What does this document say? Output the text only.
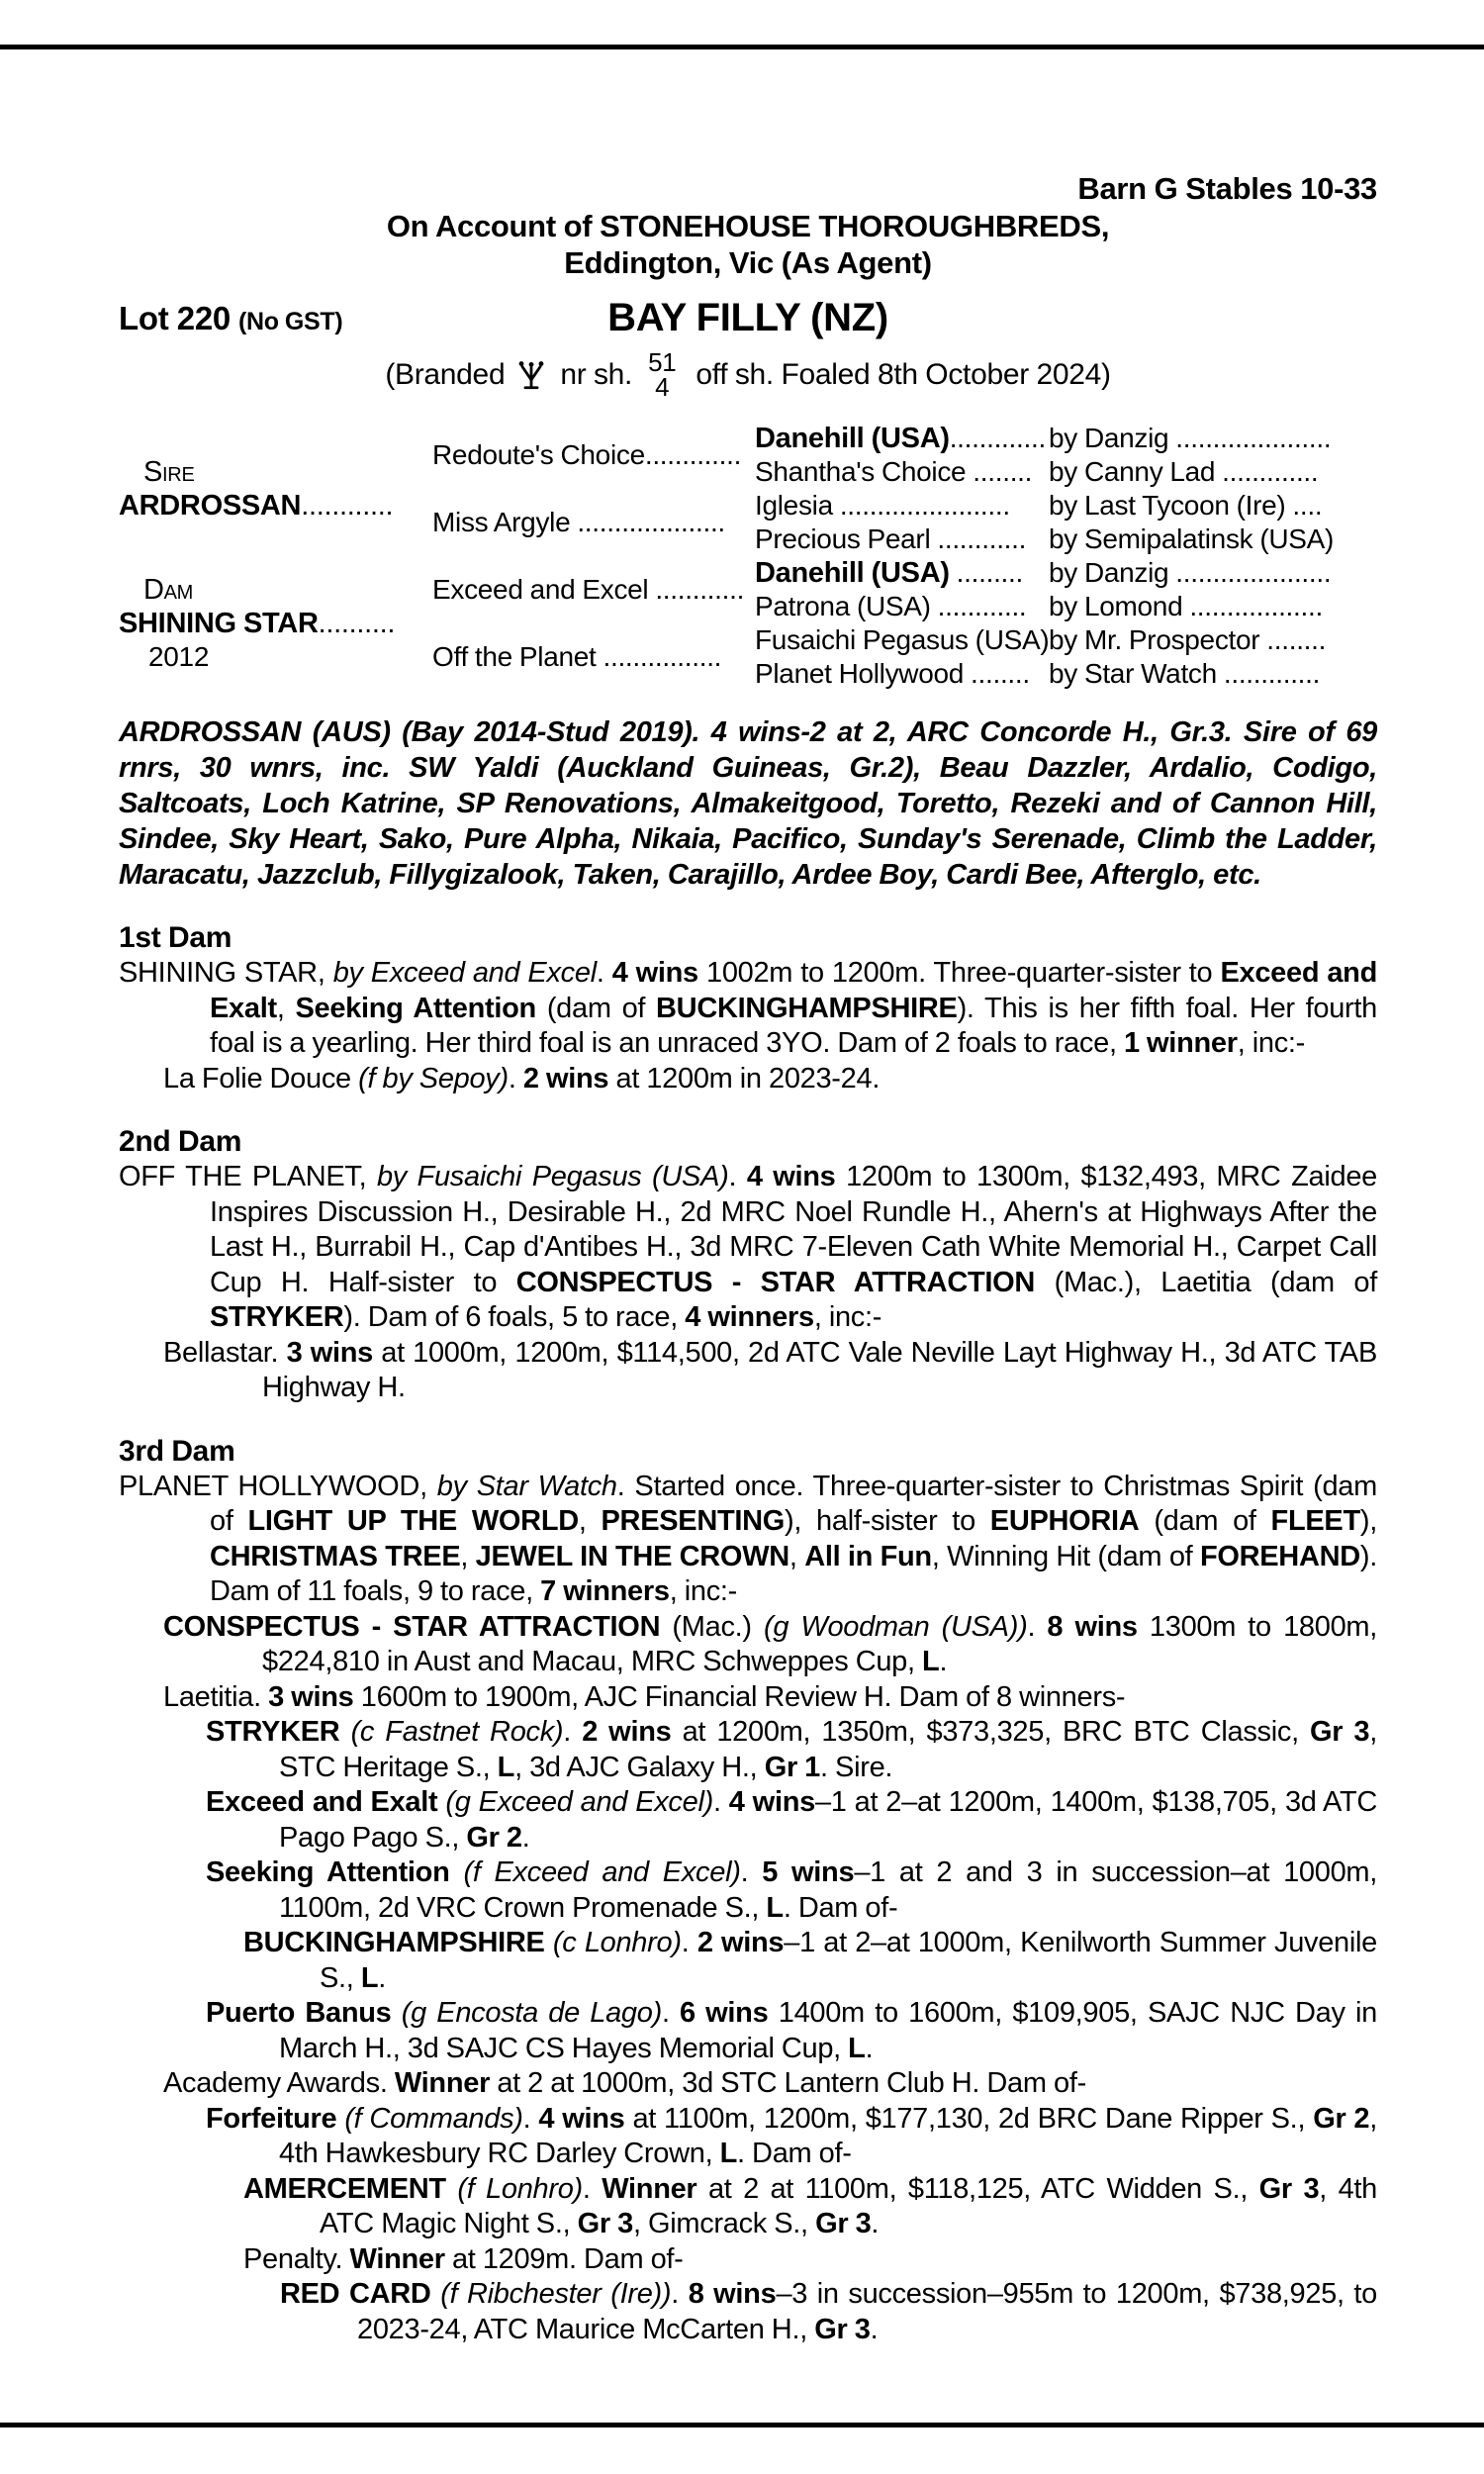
Barn G Stables 10-33
On Account of STONEHOUSE THOROUGHBREDS,
Eddington, Vic (As Agent)
Lot 220 (No GST)	BAY FILLY (NZ)
(Branded nr sh. 51
4 off sh. Foaled 8th October 2024)
Sire
ARDROSSAN............
Dam
SHINING STAR..........
2012
Redoute's Choice.............
Miss Argyle ....................
Exceed and Excel ............
Off the Planet ................
Danehill (USA).............
Shantha's Choice ........
Iglesia .......................
Precious Pearl ............
Danehill (USA) .........
Patrona (USA) ............
Fusaichi Pegasus (USA)
Planet Hollywood ........
by Danzig .....................
by Canny Lad .............
by Last Tycoon (Ire) ....
by Semipalatinsk (USA)
by Danzig .....................
by Lomond ..................
by Mr. Prospector ........
by Star Watch .............

ARDROSSAN (AUS) (Bay 2014-Stud 2019). 4 wins-2 at 2, ARC Concorde H., Gr.3. Sire of 69 rnrs, 30 wnrs, inc. SW Yaldi (Auckland Guineas, Gr.2), Beau Dazzler, Ardalio, Codigo, Saltcoats, Loch Katrine, SP Renovations, Almakeitgood, Toretto, Rezeki and of Cannon Hill, Sindee, Sky Heart, Sako, Pure Alpha, Nikaia, Pacifico, Sunday's Serenade, Climb the Ladder, Maracatu, Jazzclub, Fillygizalook, Taken, Carajillo, Ardee Boy, Cardi Bee, Afterglo, etc.

1st Dam

SHINING STAR, by Exceed and Excel. 4 wins 1002m to 1200m. Three-quarter-sister to Exceed and Exalt, Seeking Attention (dam of BUCKINGHAMPSHIRE). This is her fifth foal. Her fourth foal is a yearling. Her third foal is an unraced 3YO. Dam of 2 foals to race, 1 winner, inc:-

La Folie Douce (f by Sepoy). 2 wins at 1200m in 2023-24.

2nd Dam

OFF THE PLANET, by Fusaichi Pegasus (USA). 4 wins 1200m to 1300m, $132,493, MRC Zaidee Inspires Discussion H., Desirable H., 2d MRC Noel Rundle H., Ahern's at Highways After the Last H., Burrabil H., Cap d'Antibes H., 3d MRC 7-Eleven Cath White Memorial H., Carpet Call Cup H. Half-sister to CONSPECTUS - STAR ATTRACTION (Mac.), Laetitia (dam of STRYKER). Dam of 6 foals, 5 to race, 4 winners, inc:-

Bellastar. 3 wins at 1000m, 1200m, $114,500, 2d ATC Vale Neville Layt Highway H., 3d ATC TAB Highway H.

3rd Dam

PLANET HOLLYWOOD, by Star Watch. Started once. Three-quarter-sister to Christmas Spirit (dam of LIGHT UP THE WORLD, PRESENTING), half-sister to EUPHORIA (dam of FLEET), CHRISTMAS TREE, JEWEL IN THE CROWN, All in Fun, Winning Hit (dam of FOREHAND). Dam of 11 foals, 9 to race, 7 winners, inc:-

CONSPECTUS - STAR ATTRACTION (Mac.) (g Woodman (USA)). 8 wins 1300m to 1800m, $224,810 in Aust and Macau, MRC Schweppes Cup, L.

Laetitia. 3 wins 1600m to 1900m, AJC Financial Review H. Dam of 8 winners-

STRYKER (c Fastnet Rock). 2 wins at 1200m, 1350m, $373,325, BRC BTC Classic, Gr 3, STC Heritage S., L, 3d AJC Galaxy H., Gr 1. Sire.

Exceed and Exalt (g Exceed and Excel). 4 wins–1 at 2–at 1200m, 1400m, $138,705, 3d ATC Pago Pago S., Gr 2.

Seeking Attention (f Exceed and Excel). 5 wins–1 at 2 and 3 in succession–at 1000m, 1100m, 2d VRC Crown Promenade S., L. Dam of-

BUCKINGHAMPSHIRE (c Lonhro). 2 wins–1 at 2–at 1000m, Kenilworth Summer Juvenile S., L.

Puerto Banus (g Encosta de Lago). 6 wins 1400m to 1600m, $109,905, SAJC NJC Day in March H., 3d SAJC CS Hayes Memorial Cup, L.

Academy Awards. Winner at 2 at 1000m, 3d STC Lantern Club H. Dam of-

Forfeiture (f Commands). 4 wins at 1100m, 1200m, $177,130, 2d BRC Dane Ripper S., Gr 2, 4th Hawkesbury RC Darley Crown, L. Dam of-

AMERCEMENT (f Lonhro). Winner at 2 at 1100m, $118,125, ATC Widden S., Gr 3, 4th ATC Magic Night S., Gr 3, Gimcrack S., Gr 3.

Penalty. Winner at 1209m. Dam of-

RED CARD (f Ribchester (Ire)). 8 wins–3 in succession–955m to 1200m, $738,925, to 2023-24, ATC Maurice McCarten H., Gr 3.
